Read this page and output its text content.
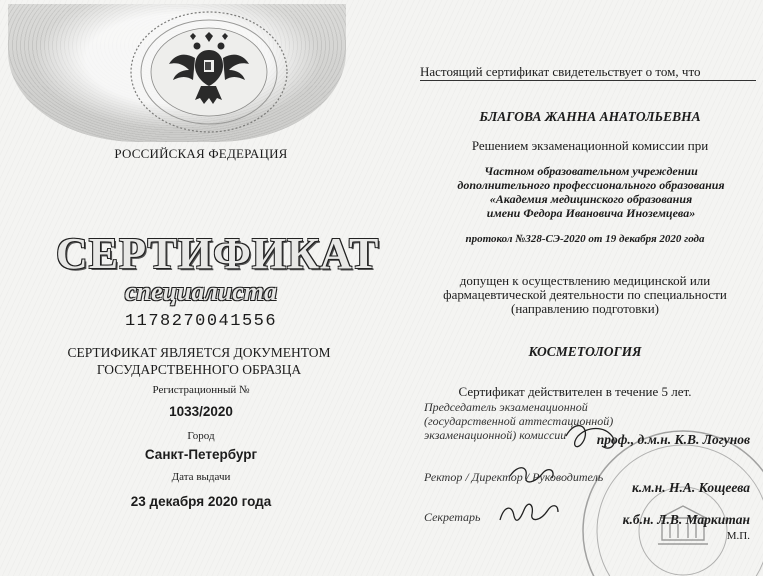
РОССИЙСКАЯ ФЕДЕРАЦИЯ
СЕРТИФИКАТ
специалиста
1178270041556
СЕРТИФИКАТ ЯВЛЯЕТСЯ ДОКУМЕНТОМ ГОСУДАРСТВЕННОГО ОБРАЗЦА
Регистрационный №
1033/2020
Город
Санкт-Петербург
Дата выдачи
23 декабря 2020 года
Настоящий сертификат свидетельствует о том, что
БЛАГОВА ЖАННА АНАТОЛЬЕВНА
Решением экзаменационной комиссии при
Частном образовательном учреждении
дополнительного профессионального образования
«Академия медицинского образования
имени Федора Ивановича Иноземцева»
протокол №328-СЭ-2020 от 19 декабря 2020 года
допущен к осуществлению медицинской или фармацевтической деятельности по специальности (направлению подготовки)
КОСМЕТОЛОГИЯ
Сертификат действителен в течение 5 лет.
Председатель экзаменационной
(государственной аттестационной)
экзаменационной) комиссии	проф., д.м.н. К.В. Логунов
Ректор / Директор / Руководитель
к.м.н. Н.А. Кощеева
Секретарь	к.б.н. Л.В. Маркитан
М.П.
